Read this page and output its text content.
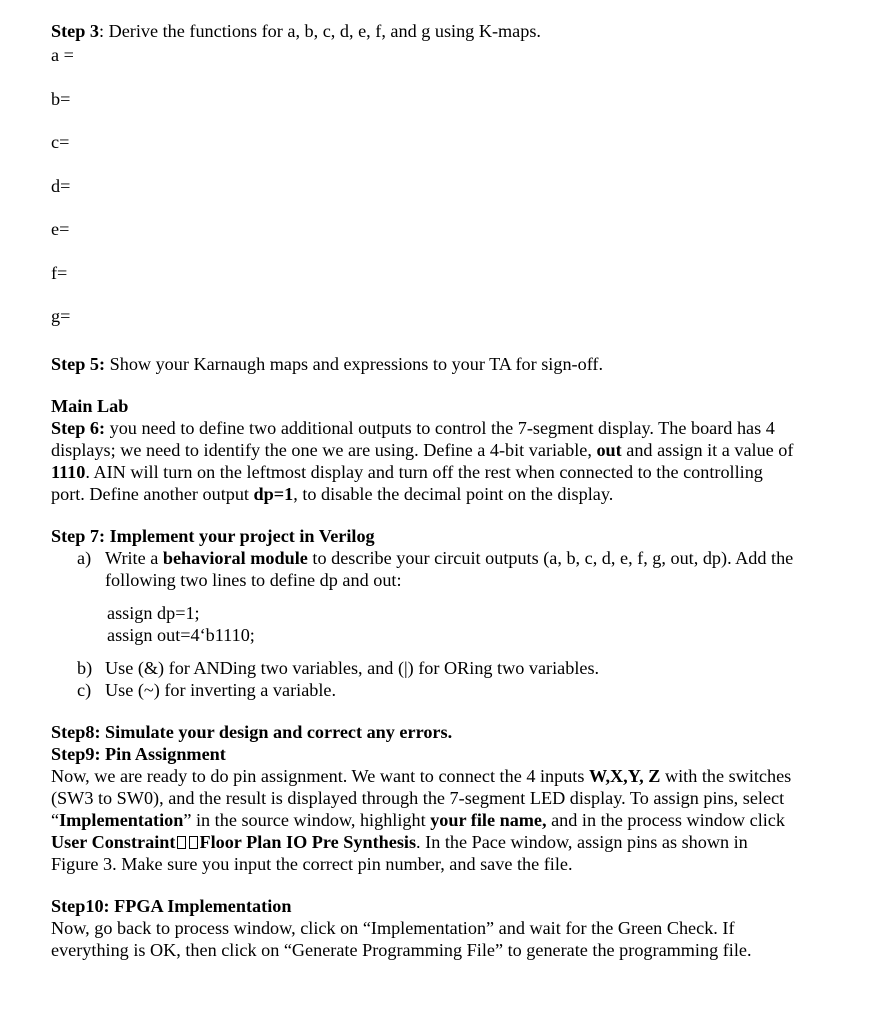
Step 3: Derive the functions for a, b, c, d, e, f, and g using K-maps.
a =
b=
c=
d=
e=
f=
g=
Step 5: Show your Karnaugh maps and expressions to your TA for sign-off.
Main Lab
Step 6: you need to define two additional outputs to control the 7-segment display. The board has 4 displays; we need to identify the one we are using. Define a 4-bit variable, out and assign it a value of 1110. AIN will turn on the leftmost display and turn off the rest when connected to the controlling port. Define another output dp=1, to disable the decimal point on the display.
Step 7: Implement your project in Verilog
a) Write a behavioral module to describe your circuit outputs (a, b, c, d, e, f, g, out, dp). Add the following two lines to define dp and out:
assign dp=1;
assign out=4‘b1110;
b) Use (&) for ANDing two variables, and (|) for ORing two variables.
c) Use (~) for inverting a variable.
Step8: Simulate your design and correct any errors.
Step9: Pin Assignment
Now, we are ready to do pin assignment. We want to connect the 4 inputs W,X,Y, Z with the switches (SW3 to SW0), and the result is displayed through the 7-segment LED display. To assign pins, select “Implementation” in the source window, highlight your file name, and in the process window click User Constraint Floor Plan IO Pre Synthesis. In the Pace window, assign pins as shown in Figure 3. Make sure you input the correct pin number, and save the file.
Step10: FPGA Implementation
Now, go back to process window, click on “Implementation” and wait for the Green Check. If everything is OK, then click on “Generate Programming File” to generate the programming file.
